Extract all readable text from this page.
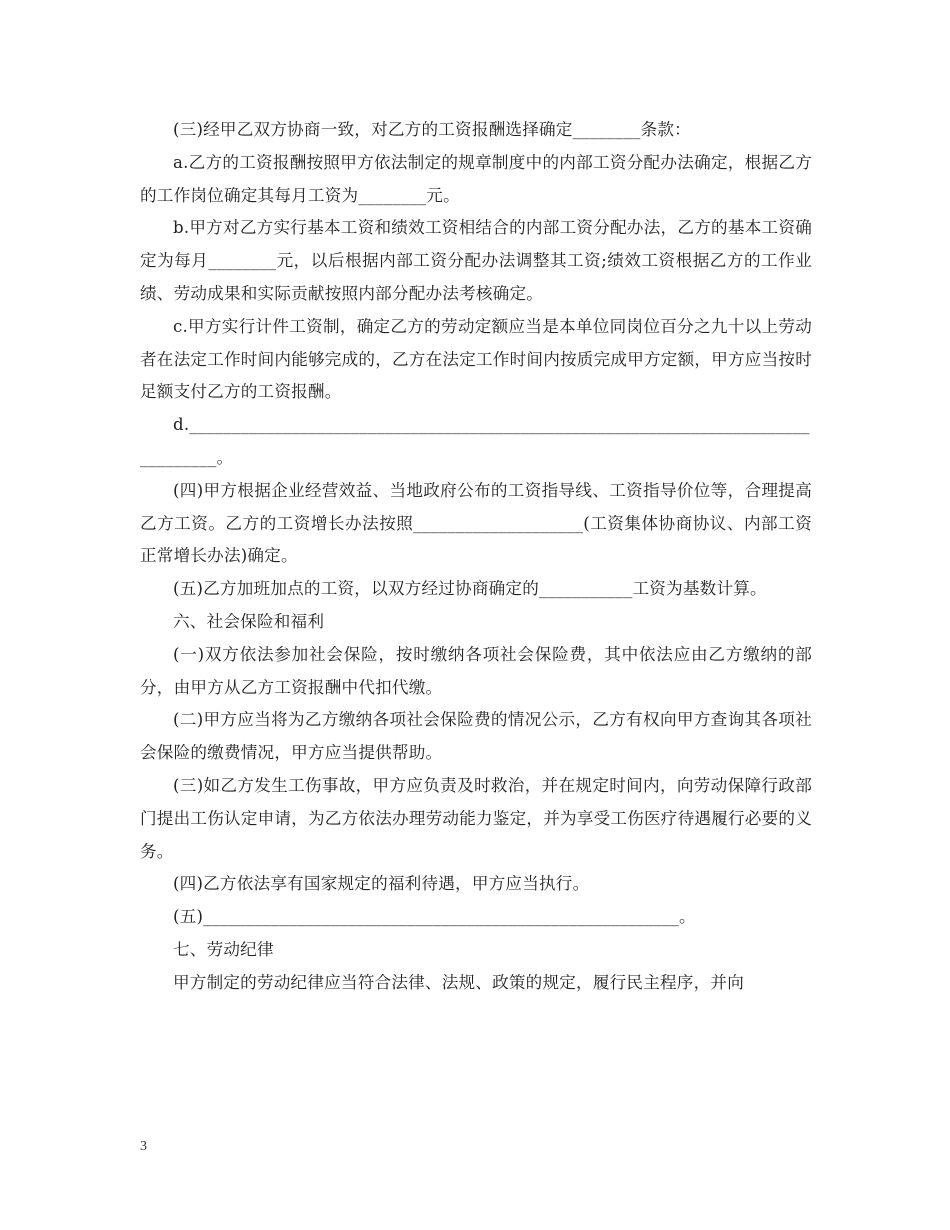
(三)经甲乙双方协商一致，对乙方的工资报酬选择确定________条款：

a.乙方的工资报酬按照甲方依法制定的规章制度中的内部工资分配办法确定，根据乙方的工作岗位确定其每月工资为________元。

b.甲方对乙方实行基本工资和绩效工资相结合的内部工资分配办法，乙方的基本工资确定为每月________元，以后根据内部工资分配办法调整其工资;绩效工资根据乙方的工作业绩、劳动成果和实际贡献按照内部分配办法考核确定。

c.甲方实行计件工资制，确定乙方的劳动定额应当是本单位同岗位百分之九十以上劳动者在法定工作时间内能够完成的，乙方在法定工作时间内按质完成甲方定额，甲方应当按时足额支付乙方的工资报酬。

d.__________________________________________________________________________________。

(四)甲方根据企业经营效益、当地政府公布的工资指导线、工资指导价位等，合理提高乙方工资。乙方的工资增长办法按照____________________(工资集体协商协议、内部工资正常增长办法)确定。

(五)乙方加班加点的工资，以双方经过协商确定的___________工资为基数计算。

六、社会保险和福利

(一)双方依法参加社会保险，按时缴纳各项社会保险费，其中依法应由乙方缴纳的部分，由甲方从乙方工资报酬中代扣代缴。

(二)甲方应当将为乙方缴纳各项社会保险费的情况公示，乙方有权向甲方查询其各项社会保险的缴费情况，甲方应当提供帮助。

(三)如乙方发生工伤事故，甲方应负责及时救治，并在规定时间内，向劳动保障行政部门提出工伤认定申请，为乙方依法办理劳动能力鉴定，并为享受工伤医疗待遇履行必要的义务。

(四)乙方依法享有国家规定的福利待遇，甲方应当执行。

(五)________________________________________________________。

七、劳动纪律

甲方制定的劳动纪律应当符合法律、法规、政策的规定，履行民主程序，并向

3
